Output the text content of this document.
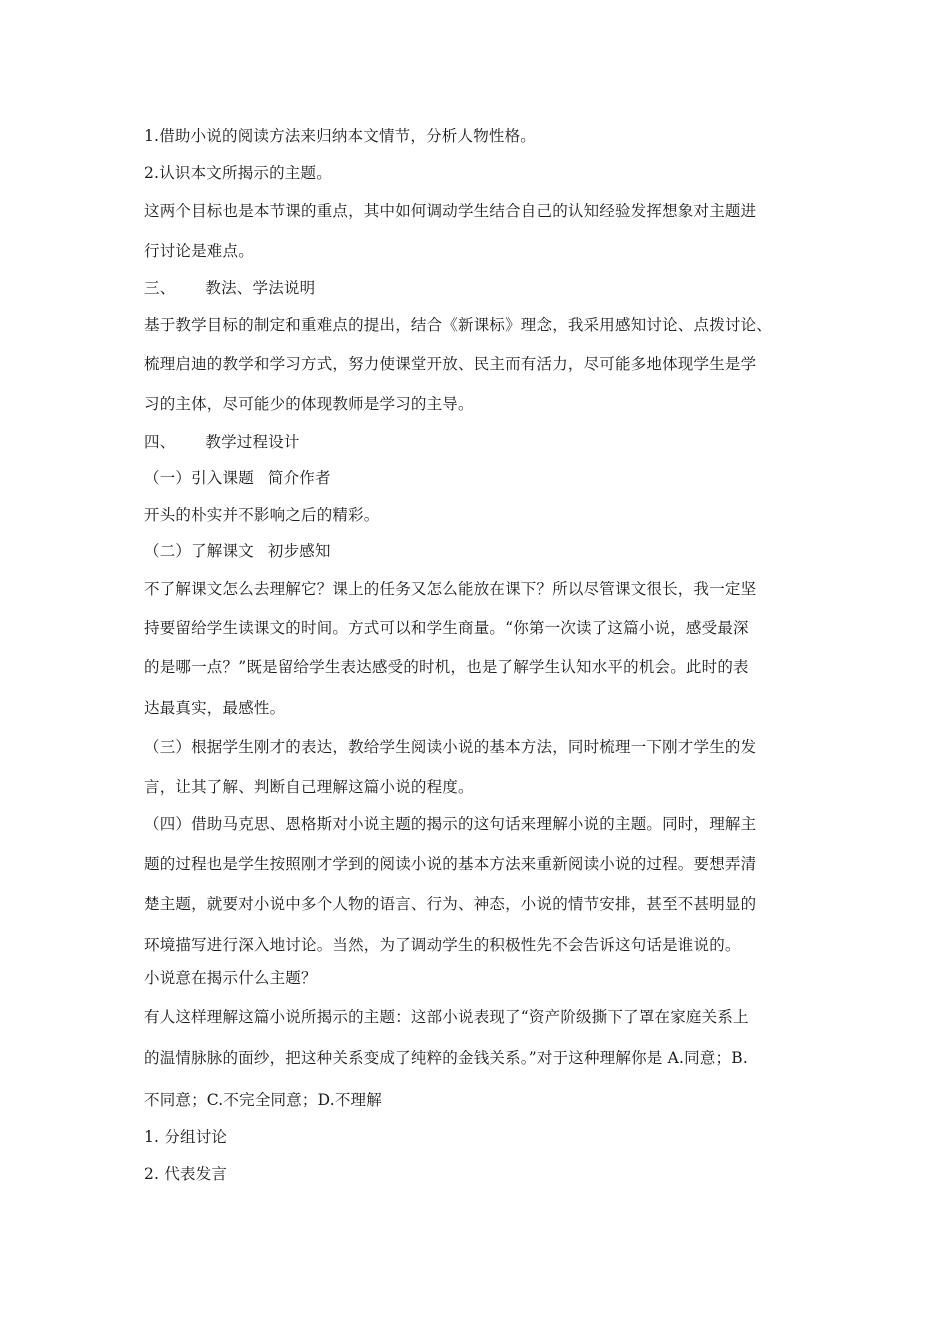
1.借助小说的阅读方法来归纳本文情节，分析人物性格。

2.认识本文所揭示的主题。

这两个目标也是本节课的重点，其中如何调动学生结合自己的认知经验发挥想象对主题进

行讨论是难点。

三、 教法、学法说明

基于教学目标的制定和重难点的提出，结合《新课标》理念，我采用感知讨论、点拨讨论、

梳理启迪的教学和学习方式，努力使课堂开放、民主而有活力，尽可能多地体现学生是学

习的主体，尽可能少的体现教师是学习的主导。

四、 教学过程设计

（一）引入课题 简介作者

开头的朴实并不影响之后的精彩。

（二）了解课文 初步感知

不了解课文怎么去理解它？课上的任务又怎么能放在课下？所以尽管课文很长，我一定坚

持要留给学生读课文的时间。方式可以和学生商量。“你第一次读了这篇小说，感受最深

的是哪一点？”既是留给学生表达感受的时机，也是了解学生认知水平的机会。此时的表

达最真实，最感性。

（三）根据学生刚才的表达，教给学生阅读小说的基本方法，同时梳理一下刚才学生的发

言，让其了解、判断自己理解这篇小说的程度。

（四）借助马克思、恩格斯对小说主题的揭示的这句话来理解小说的主题。同时，理解主

题的过程也是学生按照刚才学到的阅读小说的基本方法来重新阅读小说的过程。要想弄清

楚主题，就要对小说中多个人物的语言、行为、神态，小说的情节安排，甚至不甚明显的

环境描写进行深入地讨论。当然，为了调动学生的积极性先不会告诉这句话是谁说的。

小说意在揭示什么主题？

有人这样理解这篇小说所揭示的主题：这部小说表现了“资产阶级撕下了罩在家庭关系上

的温情脉脉的面纱，把这种关系变成了纯粹的金钱关系。”对于这种理解你是 A.同意；B.

不同意；C.不完全同意；D.不理解

1. 分组讨论

2. 代表发言
